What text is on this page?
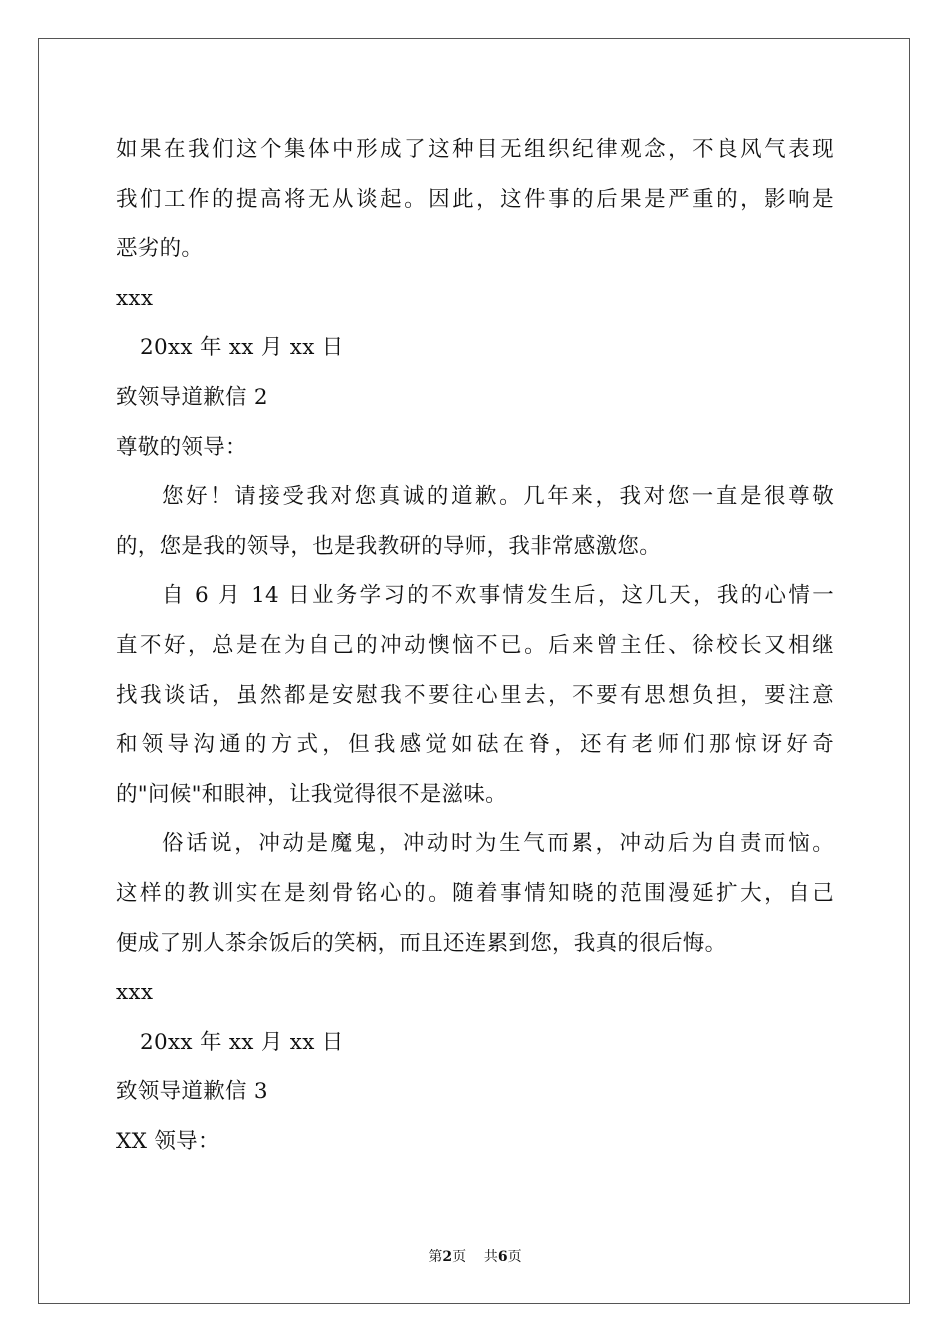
如果在我们这个集体中形成了这种目无组织纪律观念，不良风气表现
我们工作的提高将无从谈起。因此，这件事的后果是严重的，影响是
恶劣的。
xxx
20xx 年 xx 月 xx 日
致领导道歉信 2
尊敬的领导：
您好！请接受我对您真诚的道歉。几年来，我对您一直是很尊敬
的，您是我的领导，也是我教研的导师，我非常感激您。
自 6 月 14 日业务学习的不欢事情发生后，这几天，我的心情一
直不好，总是在为自己的冲动懊恼不已。后来曾主任、徐校长又相继
找我谈话，虽然都是安慰我不要往心里去，不要有思想负担，要注意
和领导沟通的方式，但我感觉如砝在脊，还有老师们那惊讶好奇
的"问候"和眼神，让我觉得很不是滋味。
俗话说，冲动是魔鬼，冲动时为生气而累，冲动后为自责而恼。
这样的教训实在是刻骨铭心的。随着事情知晓的范围漫延扩大，自己
便成了别人茶余饭后的笑柄，而且还连累到您，我真的很后悔。
xxx
20xx 年 xx 月 xx 日
致领导道歉信 3
XX 领导：
第2页    共6页
